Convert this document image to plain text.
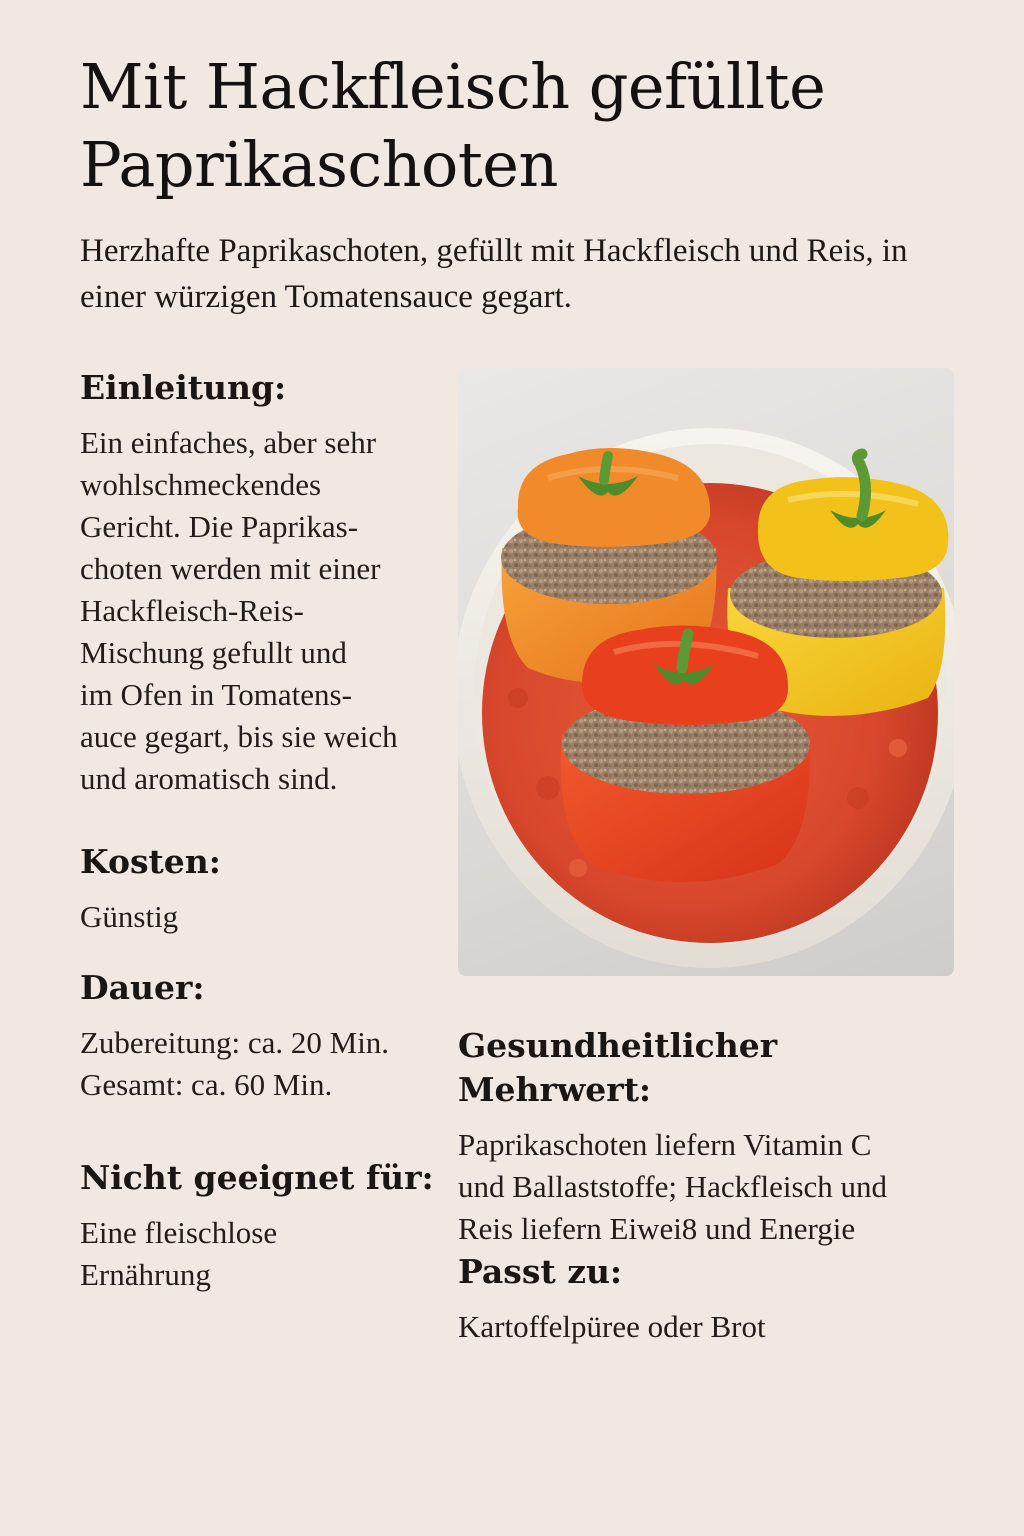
Mit Hackfleisch gefüllte Paprikaschoten

Herzhafte Paprikaschoten, gefüllt mit Hackfleisch und Reis, in einer würzigen Tomatensauce gegart.

Einleitung:

Ein einfaches, aber sehr
wohlschmeckendes
Gericht. Die Paprikas-
choten werden mit einer
Hackfleisch-Reis-
Mischung gefullt und
im Ofen in Tomatens-
auce gegart, bis sie weich
und aromatisch sind.

Kosten:

Günstig

Dauer:

Zubereitung: ca. 20 Min.
Gesamt: ca. 60 Min.

Nicht geeignet für:

Eine fleischlose
Ernährung

Gesundheitlicher Mehrwert:

Paprikaschoten liefern Vitamin C
und Ballaststoffe; Hackfleisch und
Reis liefern Eiwei8 und Energie

Passt zu:

Kartoffelpüree oder Brot
